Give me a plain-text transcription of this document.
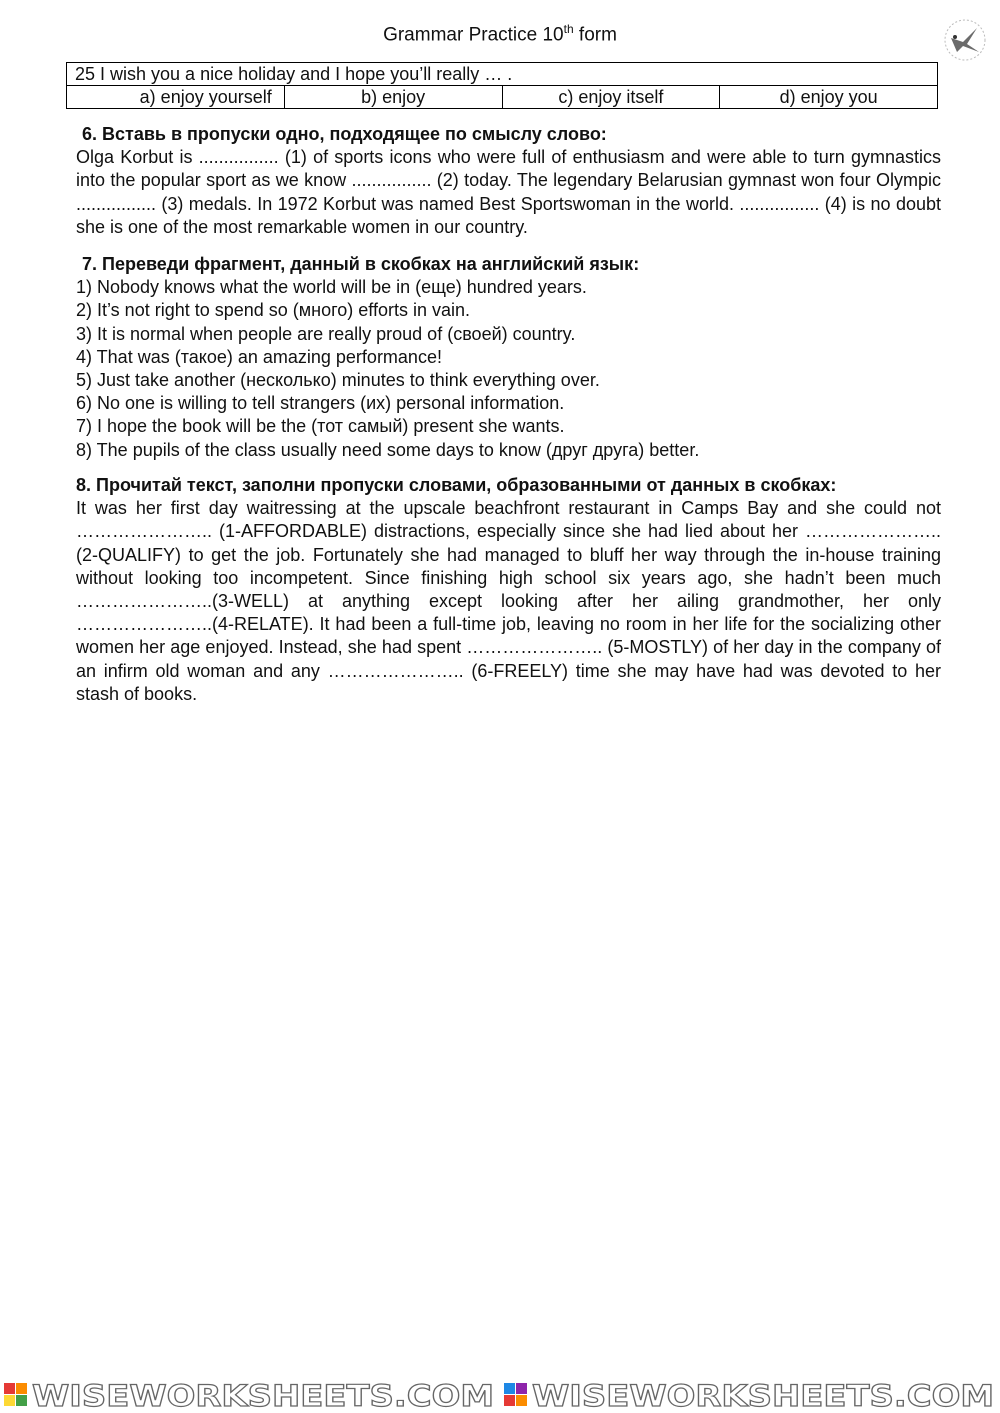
Grammar Practice 10th form
25 I wish you a nice holiday and I hope you’ll really … .
a) enjoy yourself	b) enjoy	c) enjoy itself	d) enjoy you
6. Вставь в пропуски одно, подходящее по смыслу слово:
Olga Korbut is ................ (1) of sports icons who were full of enthusiasm and were able to turn gymnastics into the popular sport as we know ................ (2) today. The legendary Belarusian gymnast won four Olympic ................ (3) medals. In 1972 Korbut was named Best Sportswoman in the world. ................ (4) is no doubt she is one of the most remarkable women in our country.
7. Переведи фрагмент, данный в скобках на английский язык:
1) Nobody knows what the world will be in (еще) hundred years.
2) It’s not right to spend so (много) efforts in vain.
3) It is normal when people are really proud of (своей) country.
4) That was (такое) an amazing performance!
5) Just take another (несколько) minutes to think everything over.
6) No one is willing to tell strangers (их) personal information.
7) I hope the book will be the (тот самый) present she wants.
8) The pupils of the class usually need some days to know (друг друга) better.
8. Прочитай текст, заполни пропуски словами, образованными от данных в скобках:
It was her first day waitressing at the upscale beachfront restaurant in Camps Bay and she could not ………………….. (1-AFFORDABLE) distractions, especially since she had lied about her ………………….. (2-QUALIFY) to get the job. Fortunately she had managed to bluff her way through the in-house training without looking too incompetent. Since finishing high school six years ago, she hadn’t been much …………………..(3-WELL) at anything except looking after her ailing grandmother, her only …………………..(4-RELATE). It had been a full-time job, leaving no room in her life for the socializing other women her age enjoyed. Instead, she had spent ………………….. (5-MOSTLY) of her day in the company of an infirm old woman and any ………………….. (6-FREELY) time she may have had was devoted to her stash of books.
WISEWORKSHEETS.COM WISEWORKSHEETS.COM
